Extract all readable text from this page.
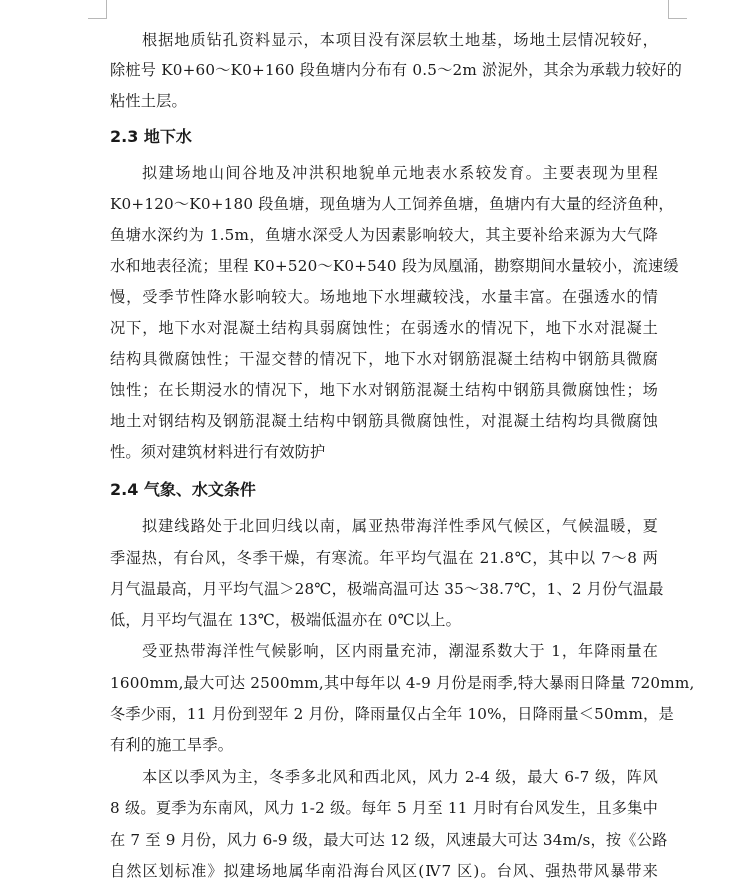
根据地质钻孔资料显示，本项目没有深层软土地基，场地土层情况较好，
除桩号 K0+60～K0+160 段鱼塘内分布有 0.5～2m 淤泥外，其余为承载力较好的
粘性土层。
2.3 地下水
拟建场地山间谷地及冲洪积地貌单元地表水系较发育。主要表现为里程
K0+120～K0+180 段鱼塘，现鱼塘为人工饲养鱼塘，鱼塘内有大量的经济鱼种，
鱼塘水深约为 1.5m，鱼塘水深受人为因素影响较大，其主要补给来源为大气降
水和地表径流；里程 K0+520～K0+540 段为凤凰涌，勘察期间水量较小，流速缓
慢，受季节性降水影响较大。场地地下水埋藏较浅，水量丰富。在强透水的情
况下，地下水对混凝土结构具弱腐蚀性；在弱透水的情况下，地下水对混凝土
结构具微腐蚀性；干湿交替的情况下，地下水对钢筋混凝土结构中钢筋具微腐
蚀性；在长期浸水的情况下，地下水对钢筋混凝土结构中钢筋具微腐蚀性；场
地土对钢结构及钢筋混凝土结构中钢筋具微腐蚀性，对混凝土结构均具微腐蚀
性。须对建筑材料进行有效防护
2.4 气象、水文条件
拟建线路处于北回归线以南，属亚热带海洋性季风气候区，气候温暖，夏
季湿热，有台风，冬季干燥，有寒流。年平均气温在 21.8℃，其中以 7～8 两
月气温最高，月平均气温＞28℃，极端高温可达 35～38.7℃，1、2 月份气温最
低，月平均气温在 13℃，极端低温亦在 0℃以上。
受亚热带海洋性气候影响，区内雨量充沛，潮湿系数大于 1，年降雨量在
1600mm,最大可达 2500mm,其中每年以 4-9 月份是雨季,特大暴雨日降量 720mm,
冬季少雨，11 月份到翌年 2 月份，降雨量仅占全年 10%，日降雨量＜50mm，是
有利的施工旱季。
本区以季风为主，冬季多北风和西北风，风力 2-4 级，最大 6-7 级，阵风
8 级。夏季为东南风，风力 1-2 级。每年 5 月至 11 月时有台风发生，且多集中
在 7 至 9 月份，风力 6-9 级，最大可达 12 级，风速最大可达 34m/s，按《公路
自然区划标准》拟建场地属华南沿海台风区(Ⅳ7 区)。台风、强热带风暴带来
